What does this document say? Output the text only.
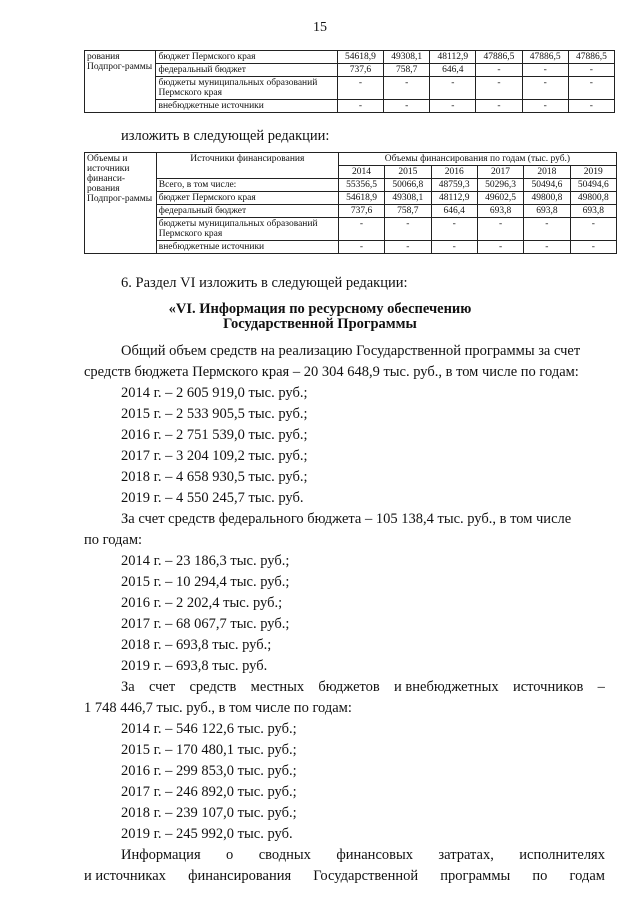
15
рования Подпрог-раммы	бюджет Пермского края	54618,9	49308,1	48112,9	47886,5	47886,5	47886,5
	федеральный бюджет	737,6	758,7	646,4	-	-	-
	бюджеты муниципальных образований Пермского края	-	-	-	-	-	-
	внебюджетные источники	-	-	-	-	-	-
изложить в следующей редакции:
Объемы и источники финанси-рования Подпрог-раммы	Источники финансирования	Объемы финансирования по годам (тыс. руб.)					
		2014	2015	2016	2017	2018	2019
	Всего, в том числе:	55356,5	50066,8	48759,3	50296,3	50494,6	50494,6
	бюджет Пермского края	54618,9	49308,1	48112,9	49602,5	49800,8	49800,8
	федеральный бюджет	737,6	758,7	646,4	693,8	693,8	693,8
	бюджеты муниципальных образований Пермского края	-	-	-	-	-	-
	внебюджетные источники	-	-	-	-	-	-
6. Раздел VI изложить в следующей редакции:
«VI. Информация по ресурсному обеспечению
Государственной Программы
Общий объем средств на реализацию Государственной программы за счет
средств бюджета Пермского края – 20 304 648,9 тыс. руб., в том числе по годам:
2014 г. – 2 605 919,0 тыс. руб.;
2015 г. – 2 533 905,5 тыс. руб.;
2016 г. – 2 751 539,0 тыс. руб.;
2017 г. – 3 204 109,2 тыс. руб.;
2018 г. – 4 658 930,5 тыс. руб.;
2019 г. – 4 550 245,7 тыс. руб.
За счет средств федерального бюджета – 105 138,4 тыс. руб., в том числе
по годам:
2014 г. – 23 186,3 тыс. руб.;
2015 г. – 10 294,4 тыс. руб.;
2016 г. – 2 202,4 тыс. руб.;
2017 г. – 68 067,7 тыс. руб.;
2018 г. – 693,8 тыс. руб.;
2019 г. – 693,8 тыс. руб.
За счет средств местных бюджетов и внебюджетных источников –
1 748 446,7 тыс. руб., в том числе по годам:
2014 г. – 546 122,6 тыс. руб.;
2015 г. – 170 480,1 тыс. руб.;
2016 г. – 299 853,0 тыс. руб.;
2017 г. – 246 892,0 тыс. руб.;
2018 г. – 239 107,0 тыс. руб.;
2019 г. – 245 992,0 тыс. руб.
Информация о сводных финансовых затратах, исполнителях
и источниках финансирования Государственной программы по годам
